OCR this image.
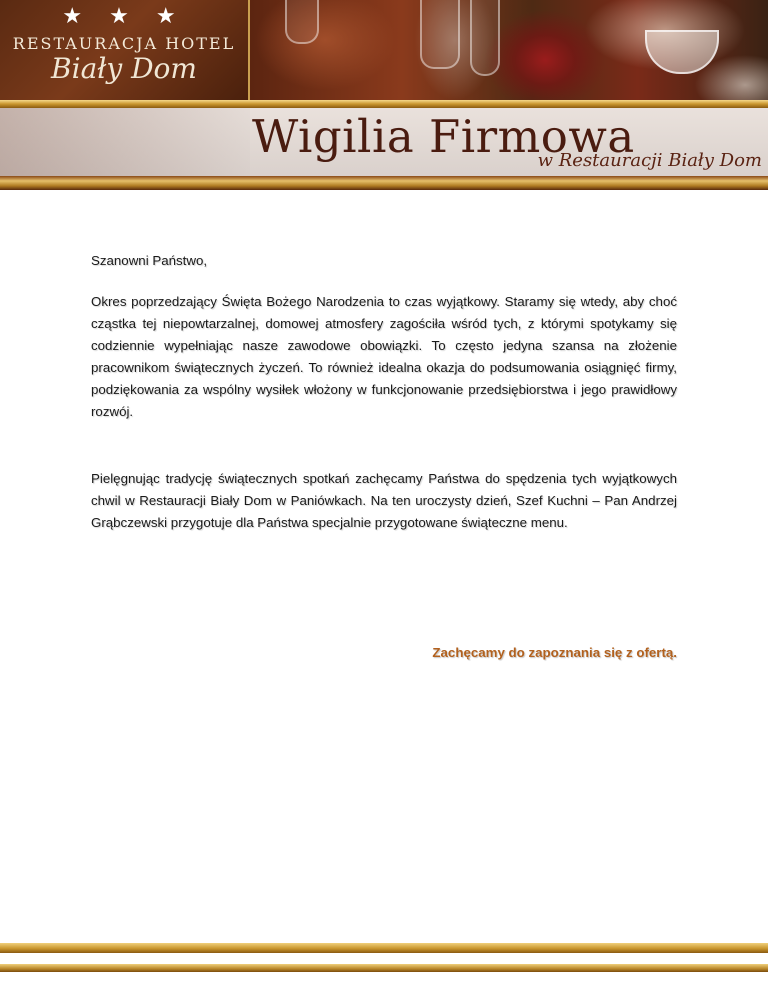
★ ★ ★
RESTAURACJA HOTEL
Biały Dom
Wigilia Firmowa
w Restauracji Biały Dom

Szanowni Państwo,

Okres poprzedzający Święta Bożego Narodzenia to czas wyjątkowy. Staramy się wtedy, aby choć cząstka tej niepowtarzalnej, domowej atmosfery zagościła wśród tych, z którymi spotykamy się codziennie wypełniając nasze zawodowe obowiązki. To często jedyna szansa na złożenie pracownikom świątecznych życzeń. To również idealna okazja do podsumowania osiągnięć firmy, podziękowania za wspólny wysiłek włożony w funkcjonowanie przedsiębiorstwa i jego prawidłowy rozwój.

Pielęgnując tradycję świątecznych spotkań zachęcamy Państwa do spędzenia tych wyjątkowych chwil w Restauracji Biały Dom w Paniówkach. Na ten uroczysty dzień, Szef Kuchni – Pan Andrzej Grąbczewski przygotuje dla Państwa specjalnie przygotowane świąteczne menu.

Zachęcamy do zapoznania się z ofertą.
